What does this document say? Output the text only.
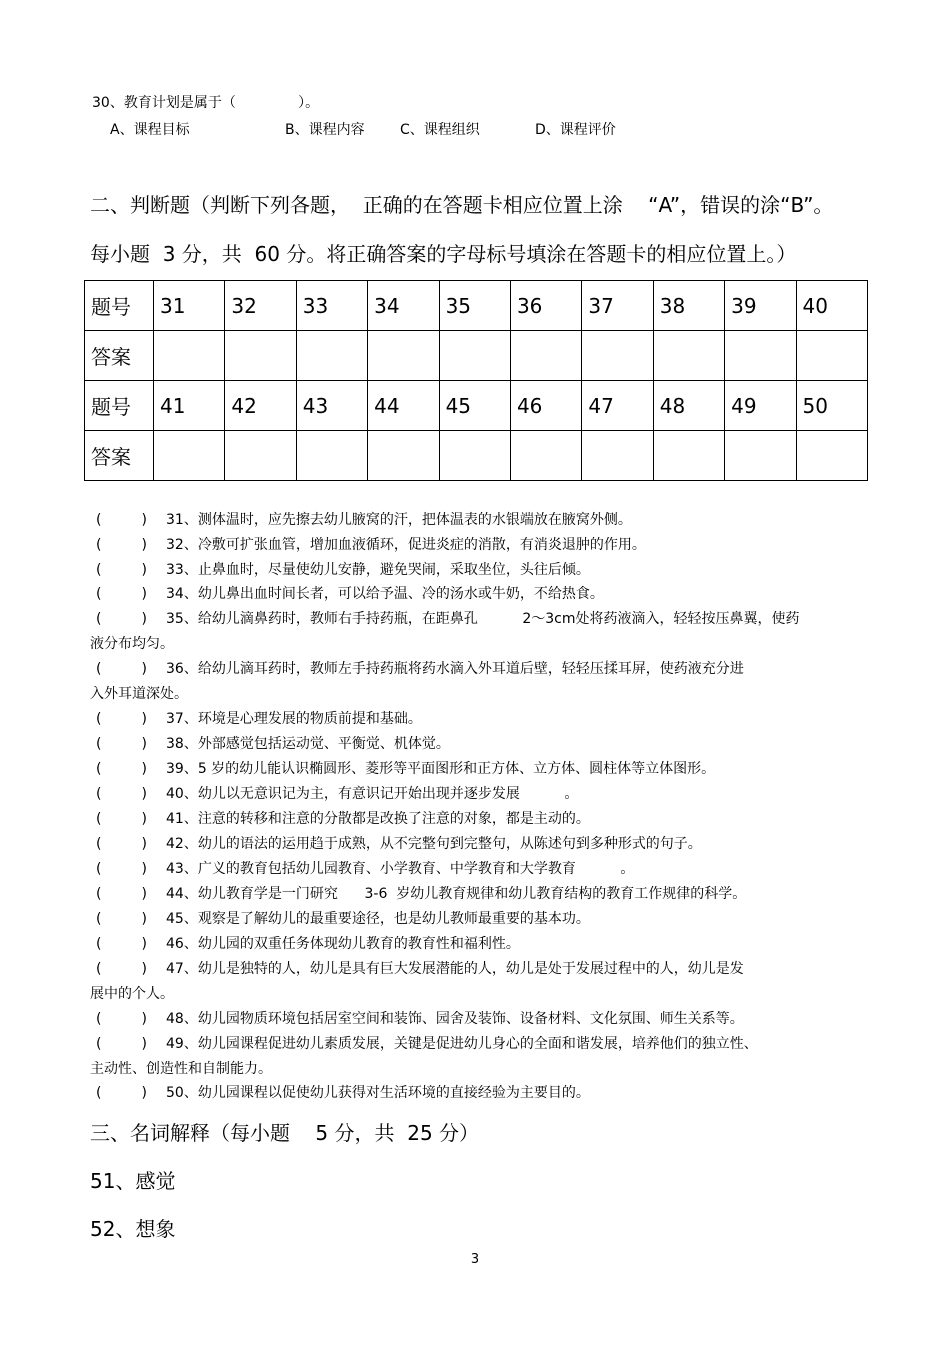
30、教育计划是属于（              ）。
A、课程目标	B、课程内容	C、课程组织	D、课程评价
二、判断题（判断下列各题，  正确的在答题卡相应位置上涂    “A”，错误的涂“B”。
每小题  3 分，共  60 分。将正确答案的字母标号填涂在答题卡的相应位置上。）
题号	31	32	33	34	35	36	37	38	39	40
答案										
题号	41	42	43	44	45	46	47	48	49	50
答案										
(	) 31、测体温时，应先擦去幼儿腋窝的汗，把体温表的水银端放在腋窝外侧。
(	) 32、冷敷可扩张血管，增加血液循环，促进炎症的消散，有消炎退肿的作用。
(	) 33、止鼻血时，尽量使幼儿安静，避免哭闹，采取坐位，头往后倾。
(	) 34、幼儿鼻出血时间长者，可以给予温、冷的汤水或牛奶，不给热食。
(	) 35、给幼儿滴鼻药时，教师右手持药瓶，在距鼻孔          2～3cm处将药液滴入，轻轻按压鼻翼，使药
液分布均匀。
(	) 36、给幼儿滴耳药时，教师左手持药瓶将药水滴入外耳道后壁，轻轻压揉耳屏，使药液充分进
入外耳道深处。
(	) 37、环境是心理发展的物质前提和基础。
(	) 38、外部感觉包括运动觉、平衡觉、机体觉。
(	) 39、5 岁的幼儿能认识椭圆形、菱形等平面图形和正方体、立方体、圆柱体等立体图形。
(	) 40、幼儿以无意识记为主，有意识记开始出现并逐步发展          。
(	) 41、注意的转移和注意的分散都是改换了注意的对象，都是主动的。
(	) 42、幼儿的语法的运用趋于成熟，从不完整句到完整句，从陈述句到多种形式的句子。
(	) 43、广义的教育包括幼儿园教育、小学教育、中学教育和大学教育          。
(	) 44、幼儿教育学是一门研究      3-6  岁幼儿教育规律和幼儿教育结构的教育工作规律的科学。
(	) 45、观察是了解幼儿的最重要途径，也是幼儿教师最重要的基本功。
(	) 46、幼儿园的双重任务体现幼儿教育的教育性和福利性。
(	) 47、幼儿是独特的人，幼儿是具有巨大发展潜能的人，幼儿是处于发展过程中的人，幼儿是发
展中的个人。
(	) 48、幼儿园物质环境包括居室空间和装饰、园舍及装饰、设备材料、文化氛围、师生关系等。
(	) 49、幼儿园课程促进幼儿素质发展，关键是促进幼儿身心的全面和谐发展，培养他们的独立性、
主动性、创造性和自制能力。
(	) 50、幼儿园课程以促使幼儿获得对生活环境的直接经验为主要目的。
三、名词解释（每小题    5 分，共  25 分）
51、感觉
52、想象
3
